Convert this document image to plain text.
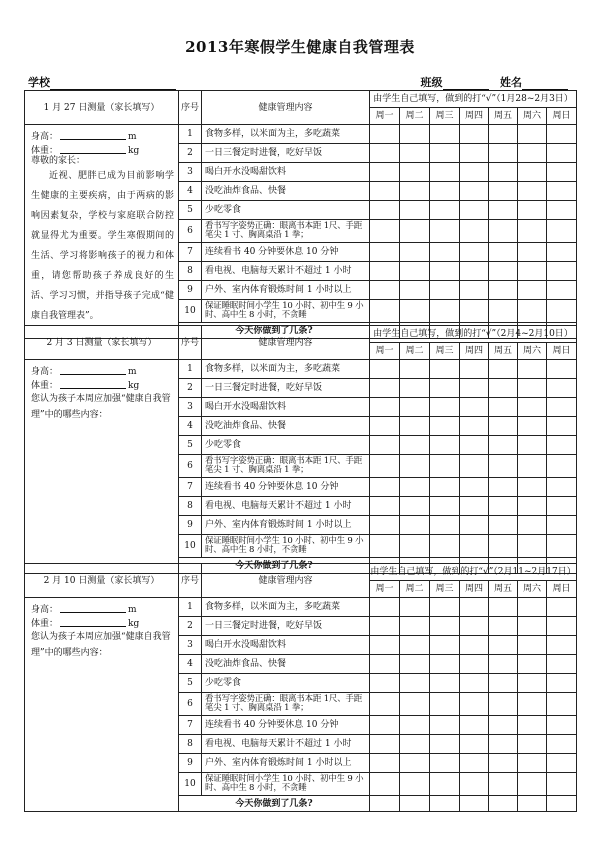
2013年寒假学生健康自我管理表
学校	班级	姓名
1 月 27 日测量（家长填写）	序号	健康管理内容	由学生自己填写，做到的打“√”（1月28~2月3日）						
			周一	周二	周三	周四	周五	周六	周日

身高： m
体重： kg
尊敬的家长：
近视、肥胖已成为目前影响学生健康的主要疾病，由于两病的影响因素复杂，学校与家庭联合防控就显得尤为重要。学生寒假期间的生活、学习将影响孩子的视力和体重，请您帮助孩子养成良好的生活、学习习惯，并指导孩子完成“健康自我管理表”。	1	食物多样，以米面为主，多吃蔬菜							
	2	一日三餐定时进餐，吃好早饭							
	3	喝白开水没喝甜饮料							
	4	没吃油炸食品、快餐							
	5	少吃零食							
	6	看书写字姿势正确：眼离书本距 1尺、手距笔尖 1 寸、胸离桌沿 1 拳；							
	7	连续看书 40 分钟要休息 10 分钟							
	8	看电视、电脑每天累计不超过 1 小时							
	9	户外、室内体育锻炼时间 1 小时以上							
	10	保证睡眠时间小学生 10 小时、初中生 9 小时、高中生 8 小时，不贪睡							
	今天你做到了几条?								
2 月 3 日测量（家长填写）	序号	健康管理内容	由学生自己填写，做到的打“√”（2月4~2月10日）						
			周一	周二	周三	周四	周五	周六	周日

身高： m
体重： kg
您认为孩子本周应加强“健康自我管理”中的哪些内容：	1	食物多样，以米面为主，多吃蔬菜							
	2	一日三餐定时进餐，吃好早饭							
	3	喝白开水没喝甜饮料							
	4	没吃油炸食品、快餐							
	5	少吃零食							
	6	看书写字姿势正确：眼离书本距 1尺、手距笔尖 1 寸、胸离桌沿 1 拳；							
	7	连续看书 40 分钟要休息 10 分钟							
	8	看电视、电脑每天累计不超过 1 小时							
	9	户外、室内体育锻炼时间 1 小时以上							
	10	保证睡眠时间小学生 10 小时、初中生 9 小时、高中生 8 小时，不贪睡							
	今天你做到了几条?								
2 月 10 日测量（家长填写）	序号	健康管理内容	由学生自己填写，做到的打“√”（2月11~2月17日）						
			周一	周二	周三	周四	周五	周六	周日

身高： m
体重： kg
您认为孩子本周应加强“健康自我管理”中的哪些内容：	1	食物多样，以米面为主，多吃蔬菜							
	2	一日三餐定时进餐，吃好早饭							
	3	喝白开水没喝甜饮料							
	4	没吃油炸食品、快餐							
	5	少吃零食							
	6	看书写字姿势正确：眼离书本距 1尺、手距笔尖 1 寸、胸离桌沿 1 拳；							
	7	连续看书 40 分钟要休息 10 分钟							
	8	看电视、电脑每天累计不超过 1 小时							
	9	户外、室内体育锻炼时间 1 小时以上							
	10	保证睡眠时间小学生 10 小时、初中生 9 小时、高中生 8 小时，不贪睡							
	今天你做到了几条?								
